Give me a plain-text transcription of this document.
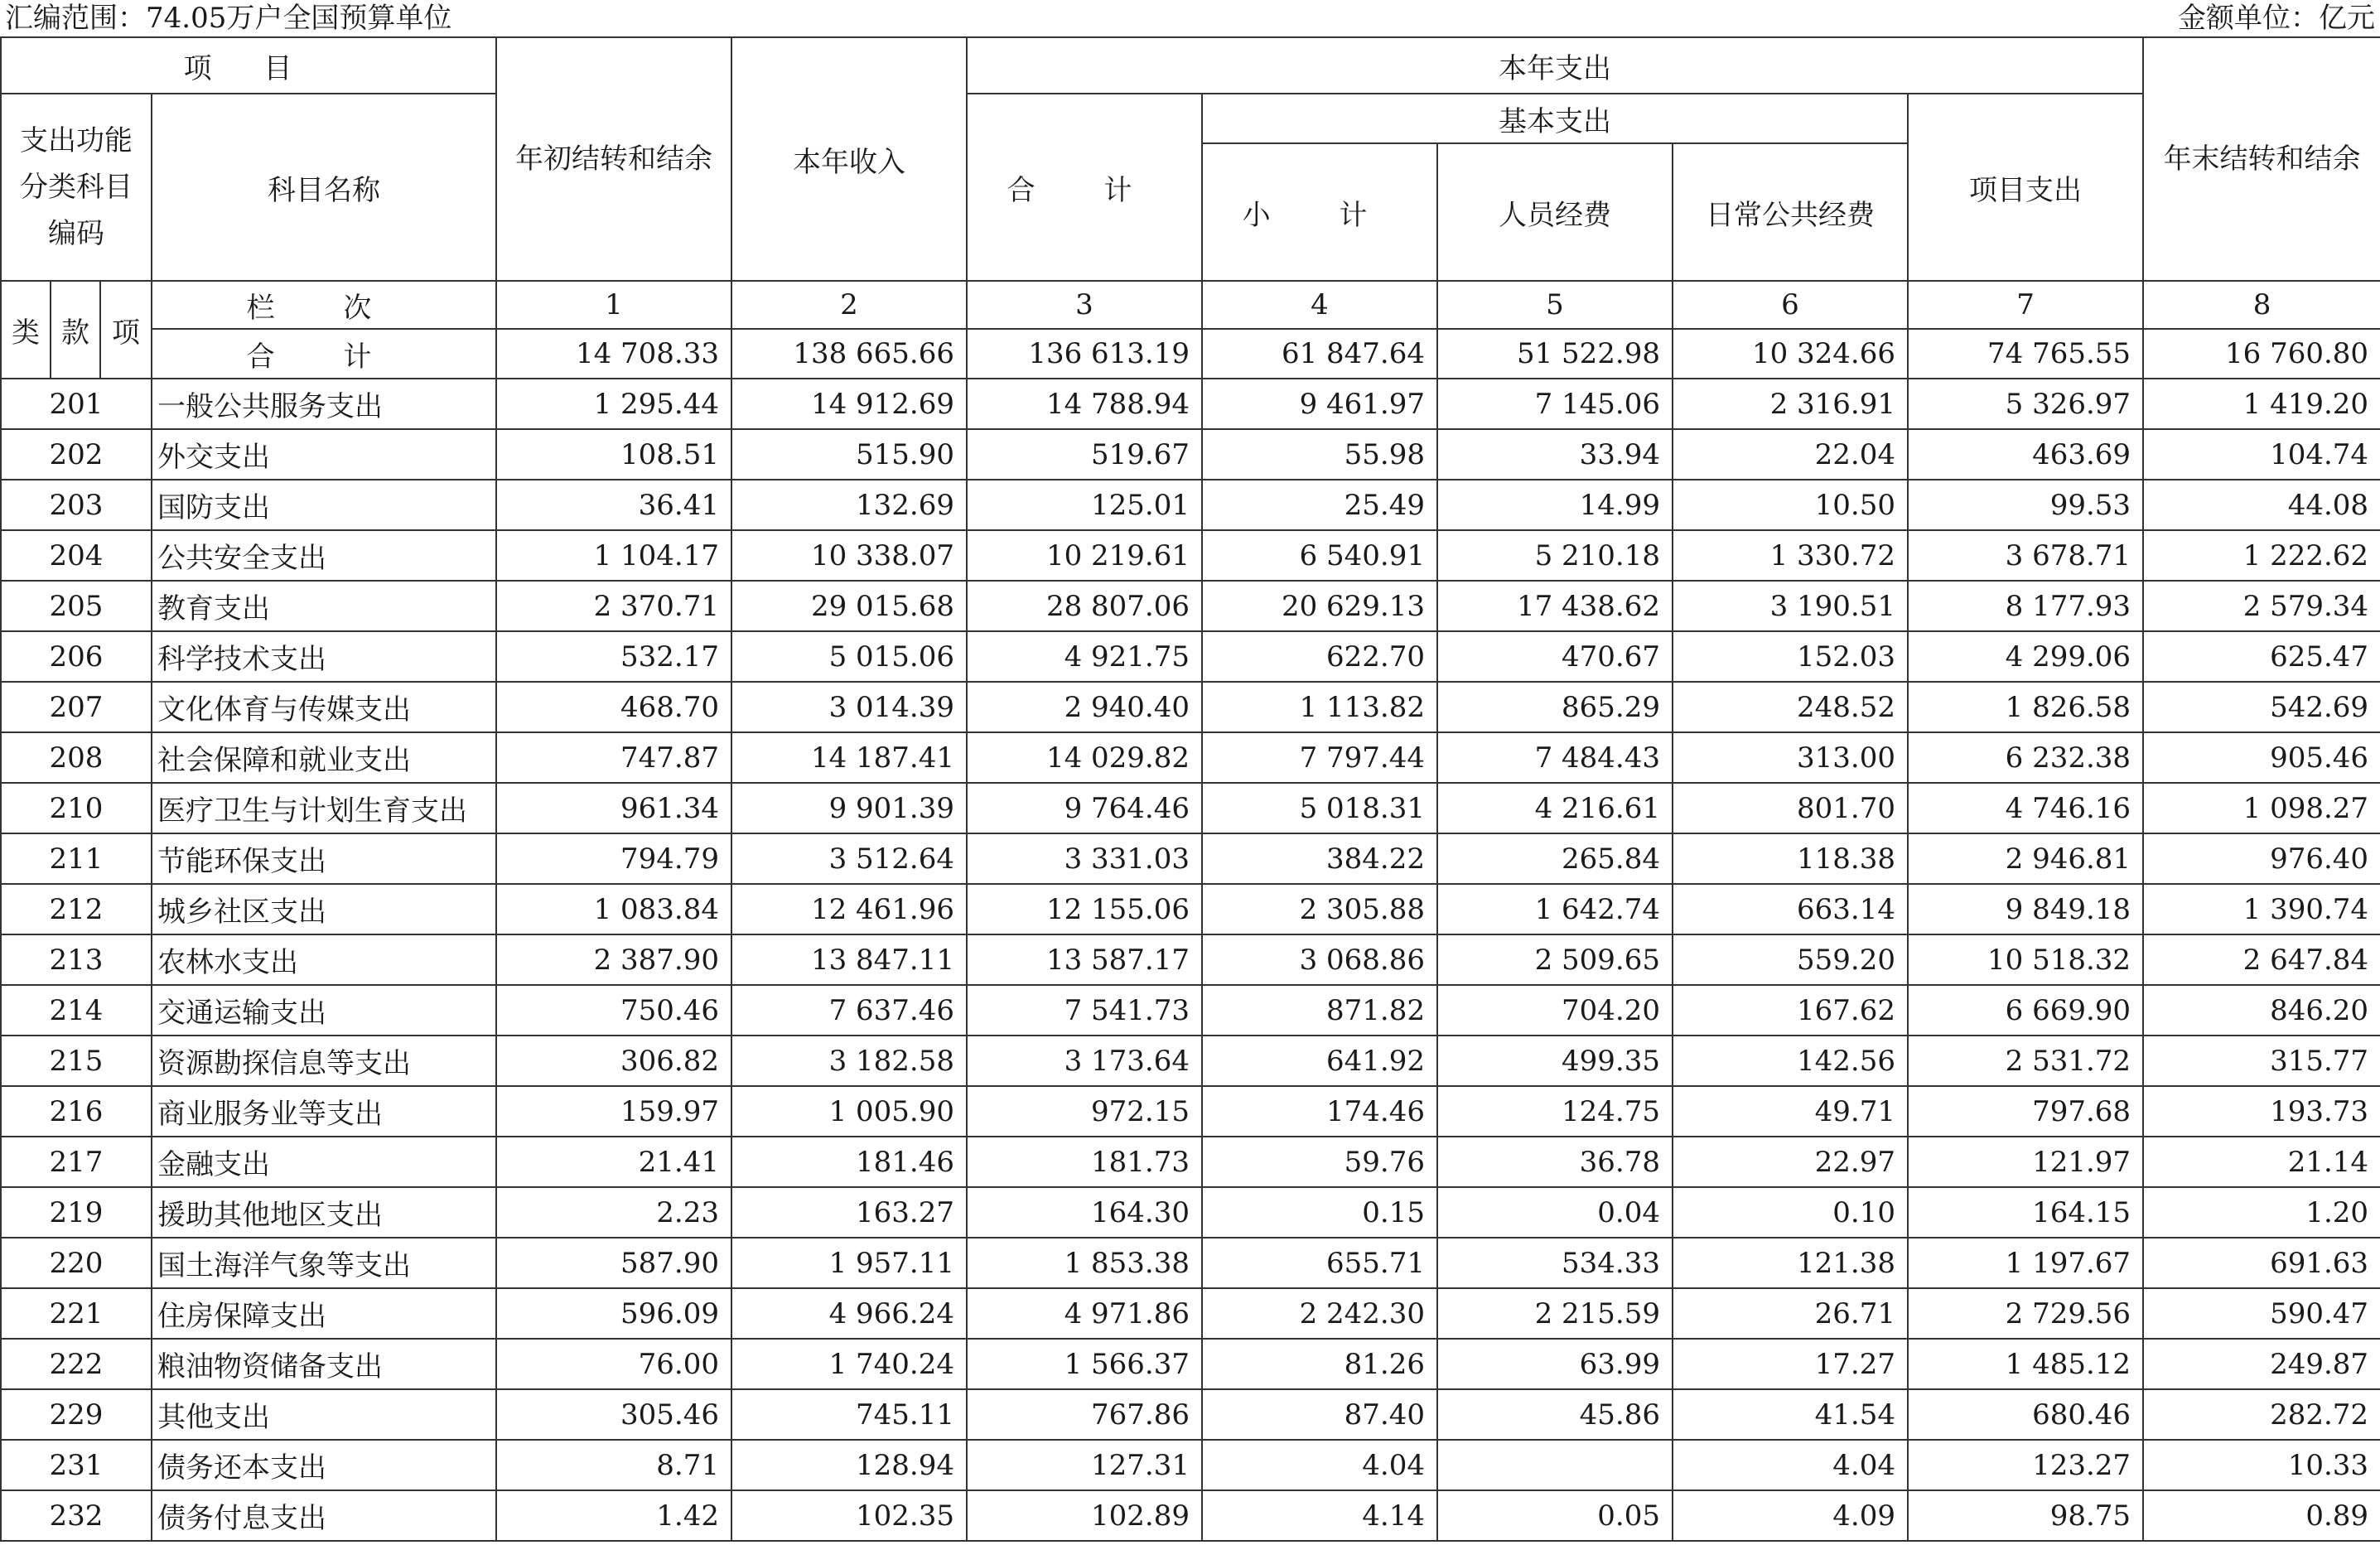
汇编范围：74.05万户全国预算单位	金额单位：亿元
项 目				年初结转和结余	本年收入	本年支出					年末结转和结余
支出功能分类科目编码			科目名称			合 计	基本支出			项目支出	
							小 计	人员经费	日常公共经费		
类	款	项	栏 次	1	2	3	4	5	6	7	8
			合 计	14 708.33	138 665.66	136 613.19	61 847.64	51 522.98	10 324.66	74 765.55	16 760.80
201			一般公共服务支出	1 295.44	14 912.69	14 788.94	9 461.97	7 145.06	2 316.91	5 326.97	1 419.20
202			外交支出	108.51	515.90	519.67	55.98	33.94	22.04	463.69	104.74
203			国防支出	36.41	132.69	125.01	25.49	14.99	10.50	99.53	44.08
204			公共安全支出	1 104.17	10 338.07	10 219.61	6 540.91	5 210.18	1 330.72	3 678.71	1 222.62
205			教育支出	2 370.71	29 015.68	28 807.06	20 629.13	17 438.62	3 190.51	8 177.93	2 579.34
206			科学技术支出	532.17	5 015.06	4 921.75	622.70	470.67	152.03	4 299.06	625.47
207			文化体育与传媒支出	468.70	3 014.39	2 940.40	1 113.82	865.29	248.52	1 826.58	542.69
208			社会保障和就业支出	747.87	14 187.41	14 029.82	7 797.44	7 484.43	313.00	6 232.38	905.46
210			医疗卫生与计划生育支出	961.34	9 901.39	9 764.46	5 018.31	4 216.61	801.70	4 746.16	1 098.27
211			节能环保支出	794.79	3 512.64	3 331.03	384.22	265.84	118.38	2 946.81	976.40
212			城乡社区支出	1 083.84	12 461.96	12 155.06	2 305.88	1 642.74	663.14	9 849.18	1 390.74
213			农林水支出	2 387.90	13 847.11	13 587.17	3 068.86	2 509.65	559.20	10 518.32	2 647.84
214			交通运输支出	750.46	7 637.46	7 541.73	871.82	704.20	167.62	6 669.90	846.20
215			资源勘探信息等支出	306.82	3 182.58	3 173.64	641.92	499.35	142.56	2 531.72	315.77
216			商业服务业等支出	159.97	1 005.90	972.15	174.46	124.75	49.71	797.68	193.73
217			金融支出	21.41	181.46	181.73	59.76	36.78	22.97	121.97	21.14
219			援助其他地区支出	2.23	163.27	164.30	0.15	0.04	0.10	164.15	1.20
220			国土海洋气象等支出	587.90	1 957.11	1 853.38	655.71	534.33	121.38	1 197.67	691.63
221			住房保障支出	596.09	4 966.24	4 971.86	2 242.30	2 215.59	26.71	2 729.56	590.47
222			粮油物资储备支出	76.00	1 740.24	1 566.37	81.26	63.99	17.27	1 485.12	249.87
229			其他支出	305.46	745.11	767.86	87.40	45.86	41.54	680.46	282.72
231			债务还本支出	8.71	128.94	127.31	4.04		4.04	123.27	10.33
232			债务付息支出	1.42	102.35	102.89	4.14	0.05	4.09	98.75	0.89
